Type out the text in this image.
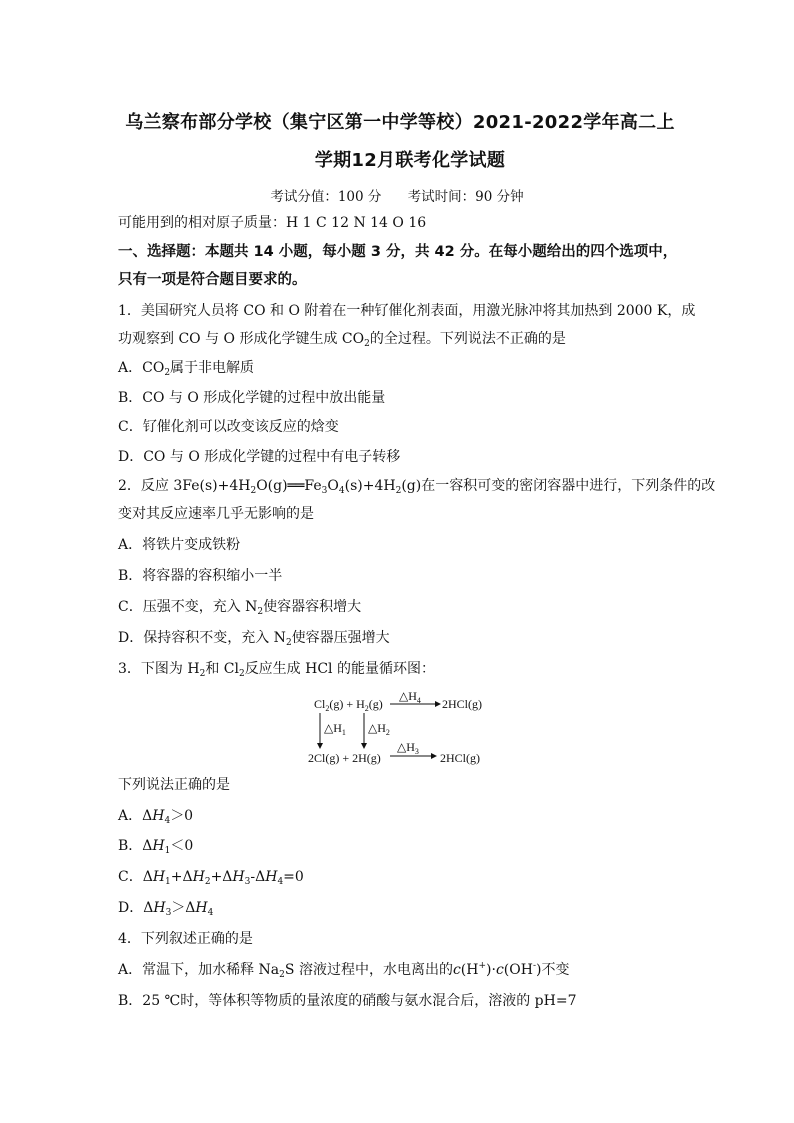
乌兰察布部分学校（集宁区第一中学等校）2021-2022学年高二上
学期12月联考化学试题
考试分值：100 分 考试时间：90 分钟
可能用到的相对原子质量：H 1 C 12 N 14 O 16
一、选择题：本题共 14 小题，每小题 3 分，共 42 分。在每小题给出的四个选项中，
只有一项是符合题目要求的。
1．美国研究人员将 CO 和 O 附着在一种钌催化剂表面，用激光脉冲将其加热到 2000 K，成
功观察到 CO 与 O 形成化学键生成 $CO_2$的全过程。下列说法不正确的是
A．$CO_2$属于非电解质
B．CO 与 O 形成化学键的过程中放出能量
C．钌催化剂可以改变该反应的焓变
D．CO 与 O 形成化学键的过程中有电子转移
2．反应 $3Fe(s)+4H_2O(g)══Fe_3O_4(s)+4H_2(g)$在一容积可变的密闭容器中进行，下列条件的改
变对其反应速率几乎无影响的是
A．将铁片变成铁粉
B．将容器的容积缩小一半
C．压强不变，充入 $N_2$使容器容积增大
D．保持容积不变，充入 $N_2$使容器压强增大
3．下图为 $H_2$和 $Cl_2$反应生成 HCl 的能量循环图：
$Cl_2(g) + H_2(g)$
$\triangle H_4$ 2HCl(g)
$\triangle H_1$ $\triangle H_2$
2Cl(g) + 2H(g)
$\triangle H_3$ 2HCl(g)
下列说法正确的是
A．$\Delta H_4>0$
B．$\Delta H_1<0$
C．$\Delta H_1+\Delta H_2+\Delta H_3-\Delta H_4=0$
D．$\Delta H_3>\Delta H_4$
4．下列叙述正确的是
A．常温下，加水稀释 $Na_2S$ 溶液过程中，水电离出的c(H+)·c(OH-)不变
B．25 ℃时，等体积等物质的量浓度的硝酸与氨水混合后，溶液的 pH=7
